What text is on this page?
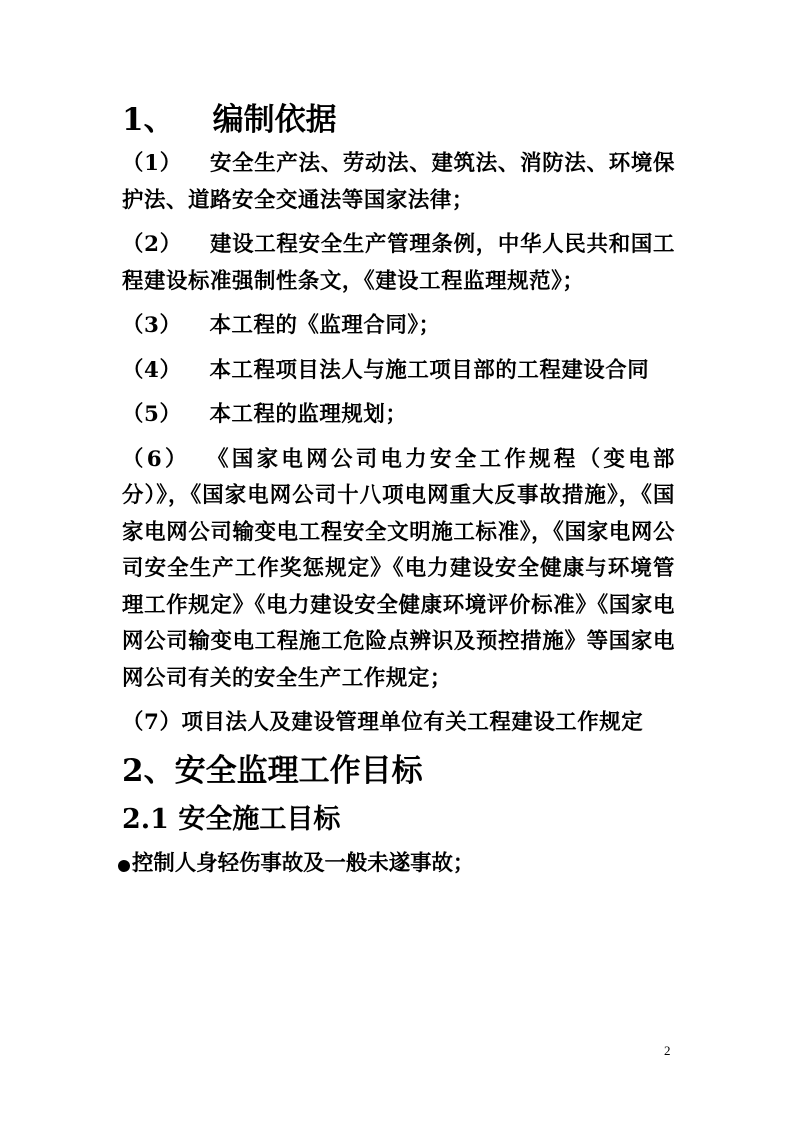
1、 编制依据

（1） 安全生产法、劳动法、建筑法、消防法、环境保护法、道路安全交通法等国家法律；

（2） 建设工程安全生产管理条例，中华人民共和国工程建设标准强制性条文，《建设工程监理规范》；

（3） 本工程的《监理合同》；

（4） 本工程项目法人与施工项目部的工程建设合同

（5） 本工程的监理规划；

（6） 《国家电网公司电力安全工作规程（变电部分）》，《国家电网公司十八项电网重大反事故措施》，《国家电网公司输变电工程安全文明施工标准》，《国家电网公司安全生产工作奖惩规定》《电力建设安全健康与环境管理工作规定》《电力建设安全健康环境评价标准》《国家电网公司输变电工程施工危险点辨识及预控措施》等国家电网公司有关的安全生产工作规定；

（7）项目法人及建设管理单位有关工程建设工作规定

2、安全监理工作目标
2.1 安全施工目标
控制人身轻伤事故及一般未遂事故；
2
